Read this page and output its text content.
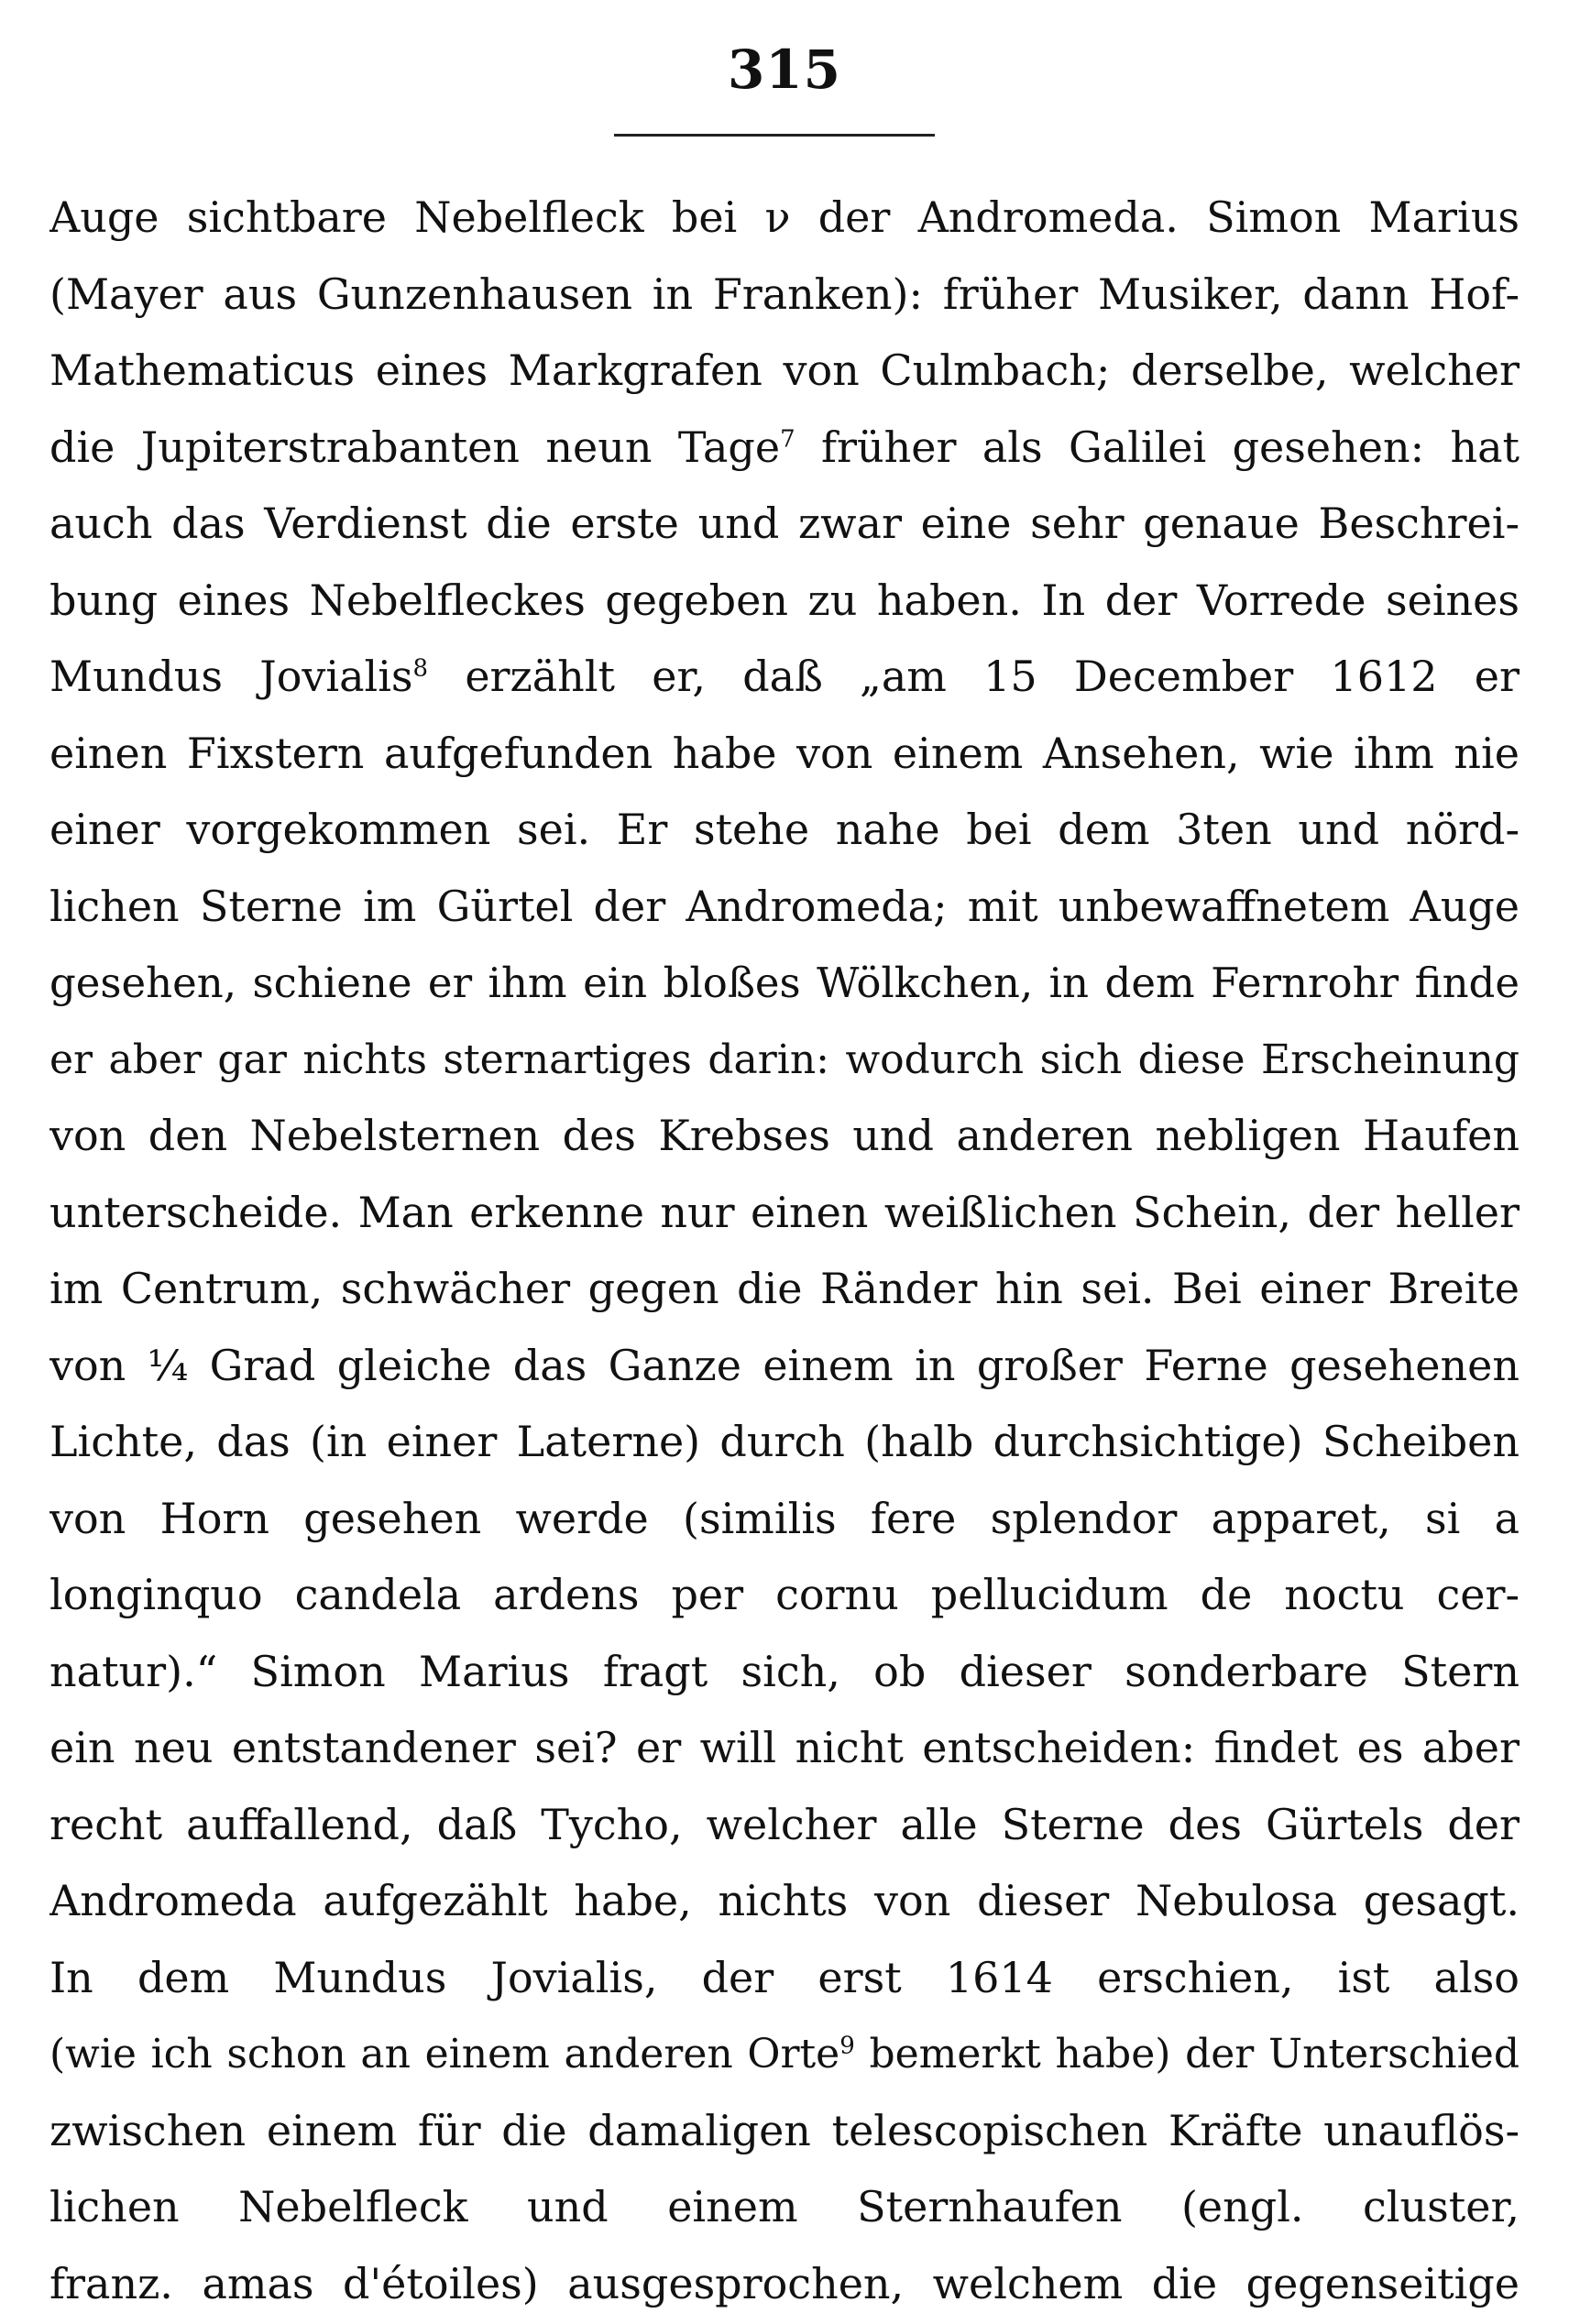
315
Auge sichtbare Nebelfleck bei ν der Andromeda. Simon Marius
(Mayer aus Gunzenhausen in Franken): früher Musiker, dann Hof-
Mathematicus eines Markgrafen von Culmbach; derselbe, welcher
die Jupiterstrabanten neun Tage$^7$ früher als Galilei gesehen: hat
auch das Verdienst die erste und zwar eine sehr genaue Beschrei-
bung eines Nebelfleckes gegeben zu haben. In der Vorrede seines
Mundus Jovialis$^8$ erzählt er, daß „am 15 December 1612 er
einen Fixstern aufgefunden habe von einem Ansehen, wie ihm nie
einer vorgekommen sei. Er stehe nahe bei dem 3ten und nörd-
lichen Sterne im Gürtel der Andromeda; mit unbewaffnetem Auge
gesehen, schiene er ihm ein bloßes Wölkchen, in dem Fernrohr finde
er aber gar nichts sternartiges darin: wodurch sich diese Erscheinung
von den Nebelsternen des Krebses und anderen nebligen Haufen
unterscheide. Man erkenne nur einen weißlichen Schein, der heller
im Centrum, schwächer gegen die Ränder hin sei. Bei einer Breite
von ¼ Grad gleiche das Ganze einem in großer Ferne gesehenen
Lichte, das (in einer Laterne) durch (halb durchsichtige) Scheiben
von Horn gesehen werde (similis fere splendor apparet, si a
longinquo candela ardens per cornu pellucidum de noctu cer-
natur).“ Simon Marius fragt sich, ob dieser sonderbare Stern
ein neu entstandener sei? er will nicht entscheiden: findet es aber
recht auffallend, daß Tycho, welcher alle Sterne des Gürtels der
Andromeda aufgezählt habe, nichts von dieser Nebulosa gesagt.
In dem Mundus Jovialis, der erst 1614 erschien, ist also
(wie ich schon an einem anderen Orte$^9$ bemerkt habe) der Unterschied
zwischen einem für die damaligen telescopischen Kräfte unauflös-
lichen Nebelfleck und einem Sternhaufen (engl. cluster,
franz. amas d'étoiles) ausgesprochen, welchem die gegenseitige
